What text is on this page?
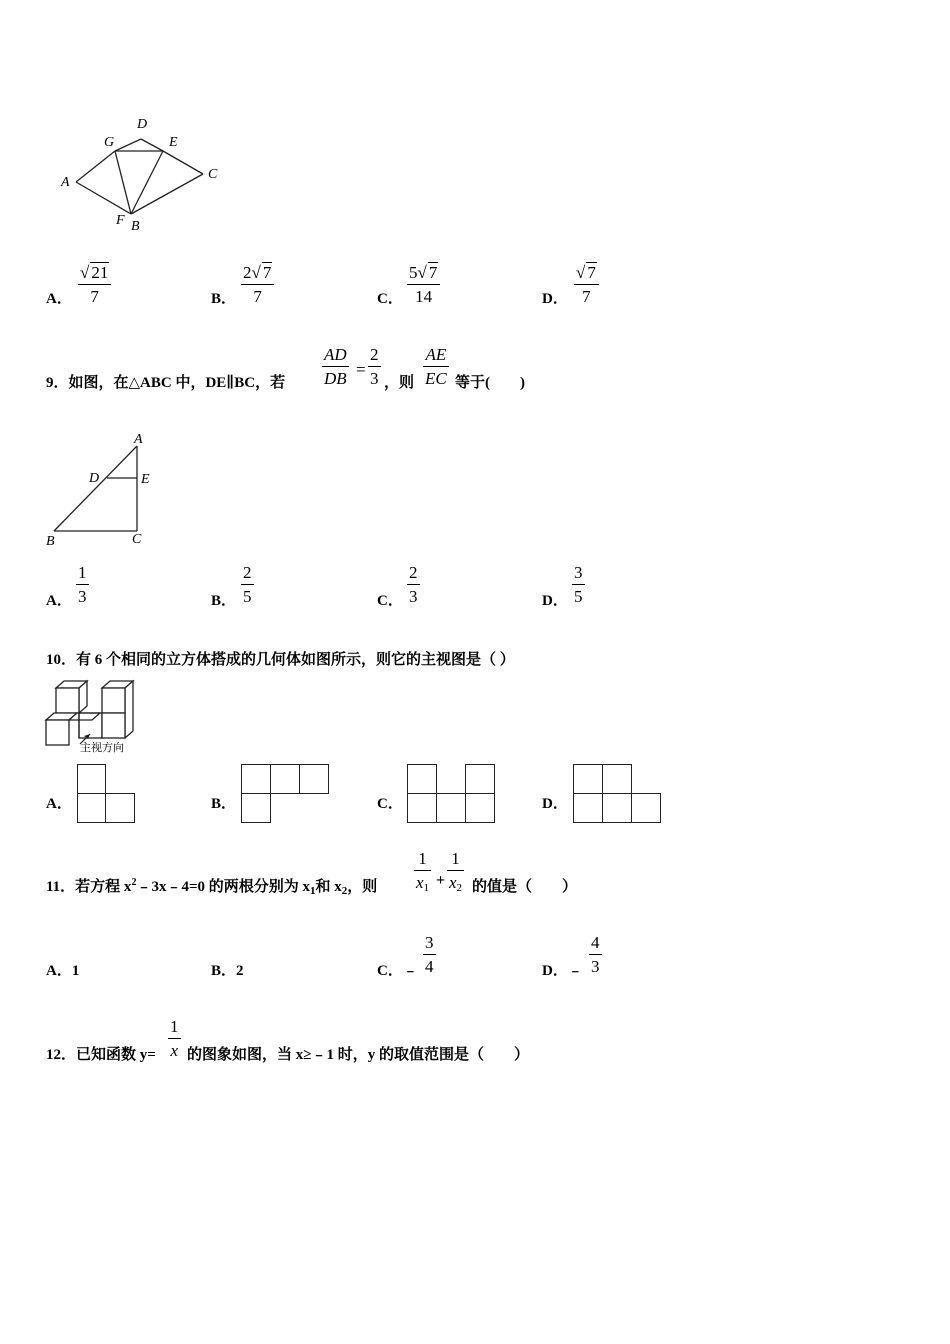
D
G	E
A
C
F B
A．
√ 21
7	B．
2√ 7
7	C．
5√ 7
14	D．
√ 7
7
9．如图，在△ABC 中，DE∥BC，若
AD
DB =
2
3 ，则
AE
EC 等于(　　)
A
D	E
B	C
A．
1
3	B．
2
5	C．
2
3	D．
3
5
10．有 6 个相同的立方体搭成的几何体如图所示，则它的主视图是（ ）
主视方向
A．	B．	C．	D．
11．若方程 $x^2﹣3x﹣4=0$ 的两根分别为 $x_1$和 $x_2$，则
1
$x_1$ +
1
$x_2$ 的值是（　　）
A．1	B．2	C．﹣
3
4	D．﹣
4
3
12．已知函数 y=
1
x 的图象如图，当 x≥﹣1 时，y 的取值范围是（　　）
